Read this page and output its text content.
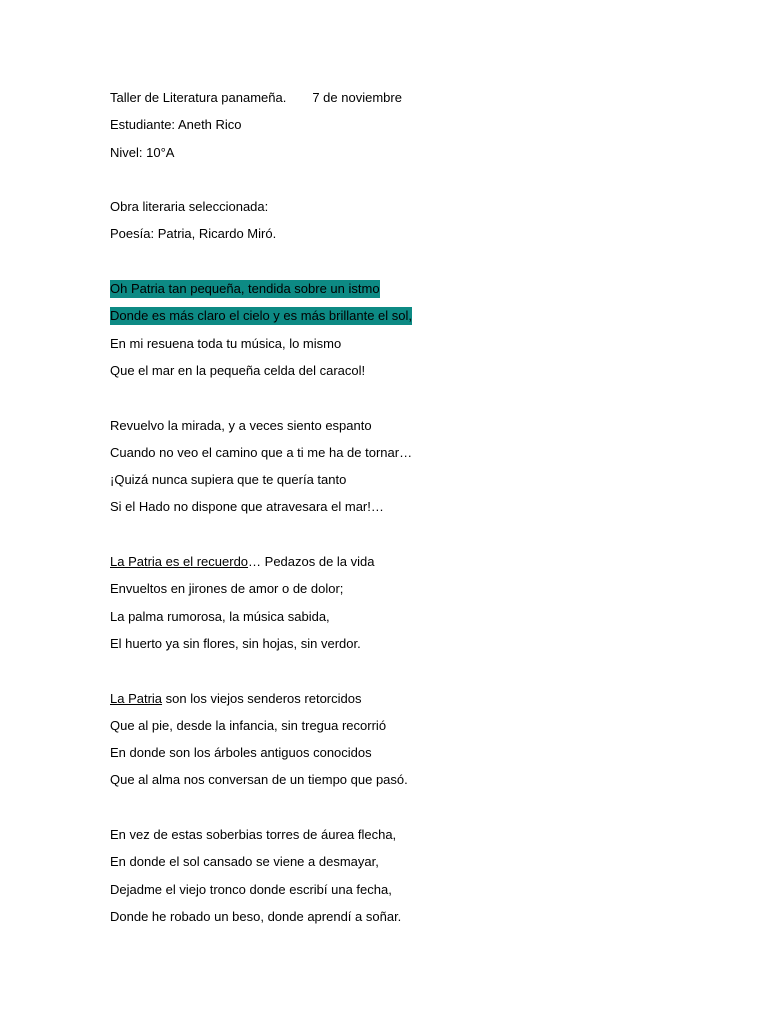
Taller de Literatura panameña. 7 de noviembre
Estudiante: Aneth Rico
Nivel: 10°A
Obra literaria seleccionada:
Poesía: Patria, Ricardo Miró.
Oh Patria tan pequeña, tendida sobre un istmo
Donde es más claro el cielo y es más brillante el sol,
En mi resuena toda tu música, lo mismo
Que el mar en la pequeña celda del caracol!
Revuelvo la mirada, y a veces siento espanto
Cuando no veo el camino que a ti me ha de tornar…
¡Quizá nunca supiera que te quería tanto
Si el Hado no dispone que atravesara el mar!…
La Patria es el recuerdo… Pedazos de la vida
Envueltos en jirones de amor o de dolor;
La palma rumorosa, la música sabida,
El huerto ya sin flores, sin hojas, sin verdor.
La Patria son los viejos senderos retorcidos
Que al pie, desde la infancia, sin tregua recorrió
En donde son los árboles antiguos conocidos
Que al alma nos conversan de un tiempo que pasó.
En vez de estas soberbias torres de áurea flecha,
En donde el sol cansado se viene a desmayar,
Dejadme el viejo tronco donde escribí una fecha,
Donde he robado un beso, donde aprendí a soñar.
